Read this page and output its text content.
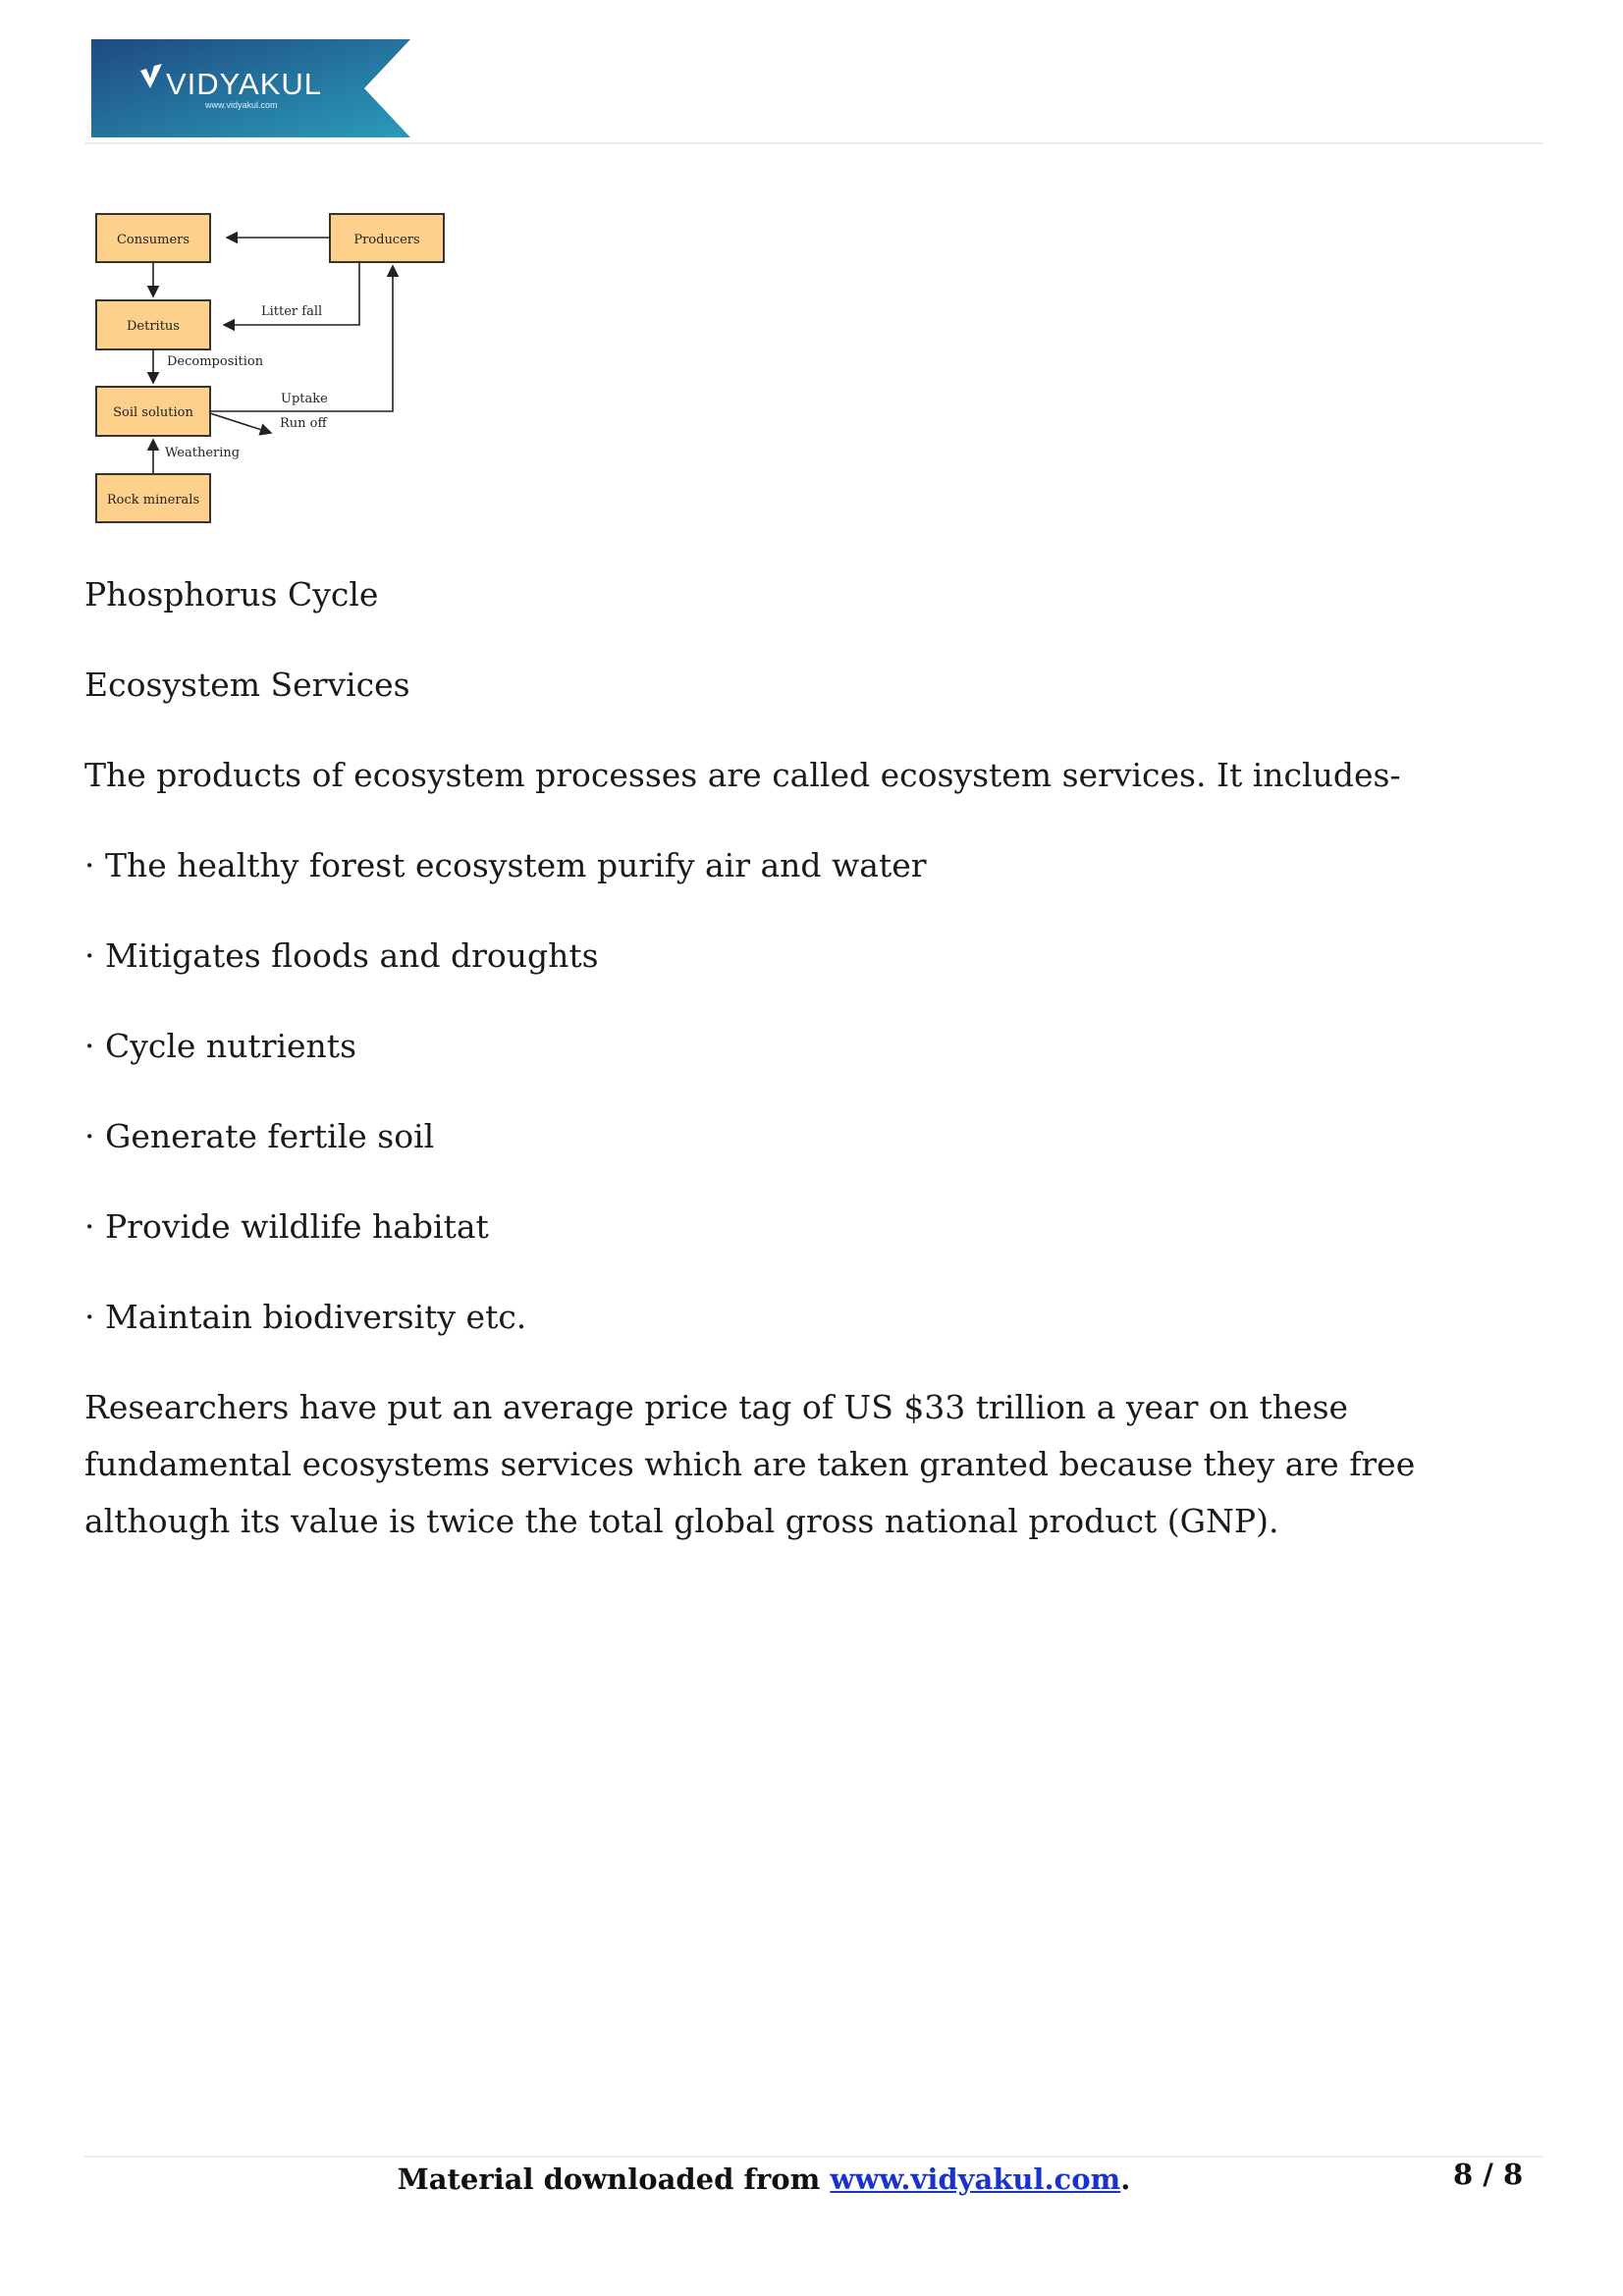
VIDYAKUL
www.vidyakul.com
Consumers	Producers
Detritus
Soil solution
Rock minerals
Litter fall
Decomposition
Uptake
Run off
Weathering

Phosphorus Cycle

Ecosystem Services

The products of ecosystem processes are called ecosystem services. It includes-

· The healthy forest ecosystem purify air and water

· Mitigates floods and droughts

· Cycle nutrients

· Generate fertile soil

· Provide wildlife habitat

· Maintain biodiversity etc.

Researchers have put an average price tag of US $33 trillion a year on these fundamental ecosystems services which are taken granted because they are free although its value is twice the total global gross national product (GNP).

Material downloaded from www.vidyakul.com.	8 / 8
